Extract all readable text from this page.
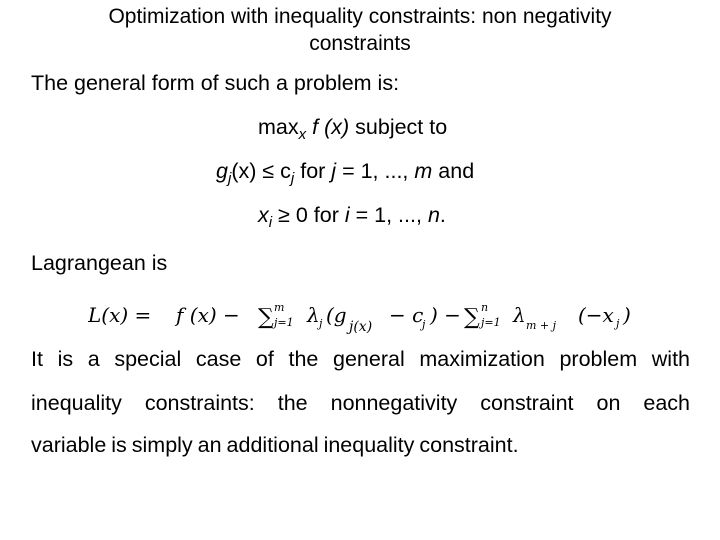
Optimization with inequality constraints: non negativity
constraints
The general form of such a problem is:
$\max_x f$ (x) subject to
$g_j(x) \le c_j$ for j = 1, ..., m and
$x_i \ge 0$ for i = 1, ..., n.
Lagrangean is
L(x) = f (x) − ∑ m
j=1 λ j (g j(x) − c
j ) − ∑ n
j=1 λ m + j (−x j )
It is a special case of the general maximization problem with
inequality constraints: the nonnegativity constraint on each
variable is simply an additional inequality constraint.
